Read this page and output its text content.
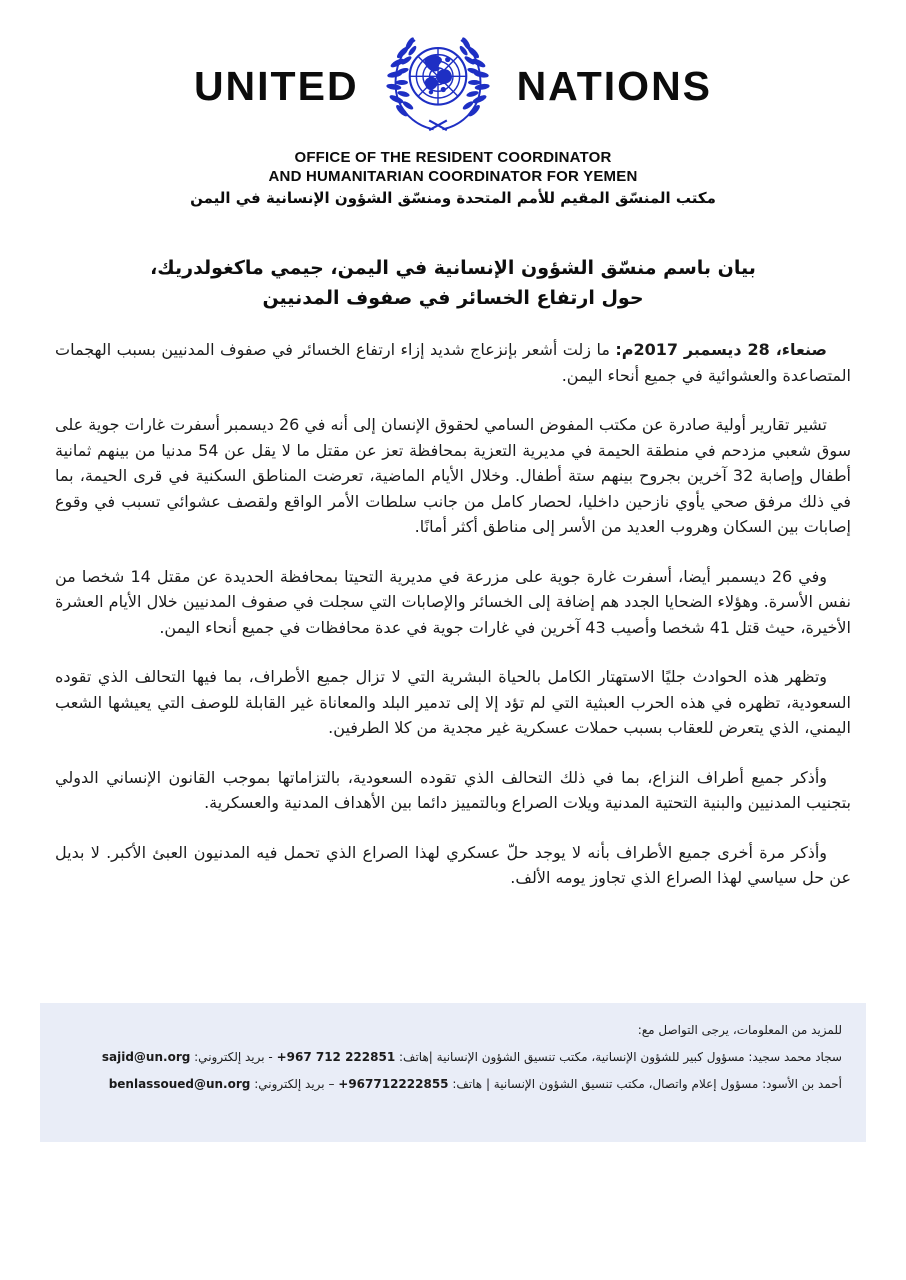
UNITED	NATIONS
OFFICE OF THE RESIDENT COORDINATOR
AND HUMANITARIAN COORDINATOR FOR YEMEN
مكتب المنسّق المقيم للأمم المتحدة ومنسّق الشؤون الإنسانية في اليمن
بيان باسم منسّق الشؤون الإنسانية في اليمن، جيمي ماكغولدريك،
حول ارتفاع الخسائر في صفوف المدنيين

صنعاء، 28 ديسمبر 2017م: ما زلت أشعر بإنزعاج شديد إزاء ارتفاع الخسائر في صفوف المدنيين بسبب الهجمات المتصاعدة والعشوائية في جميع أنحاء اليمن.

تشير تقارير أولية صادرة عن مكتب المفوض السامي لحقوق الإنسان إلى أنه في 26 ديسمبر أسفرت غارات جوية على سوق شعبي مزدحم في منطقة الحيمة في مديرية التعزية بمحافظة تعز عن مقتل ما لا يقل عن 54 مدنيا من بينهم ثمانية أطفال وإصابة 32 آخرين بجروح بينهم ستة أطفال. وخلال الأيام الماضية، تعرضت المناطق السكنية في قرى الحيمة، بما في ذلك مرفق صحي يأوي نازحين داخليا، لحصار كامل من جانب سلطات الأمر الواقع ولقصف عشوائي تسبب في وقوع إصابات بين السكان وهروب العديد من الأسر إلى مناطق أكثر أمانًا.

وفي 26 ديسمبر أيضا، أسفرت غارة جوية على مزرعة في مديرية التحيتا بمحافظة الحديدة عن مقتل 14 شخصا من نفس الأسرة. وهؤلاء الضحايا الجدد هم إضافة إلى الخسائر والإصابات التي سجلت في صفوف المدنيين خلال الأيام العشرة الأخيرة، حيث قتل 41 شخصا وأصيب 43 آخرين في غارات جوية في عدة محافظات في جميع أنحاء اليمن.

وتظهر هذه الحوادث جليًا الاستهتار الكامل بالحياة البشرية التي لا تزال جميع الأطراف، بما فيها التحالف الذي تقوده السعودية، تظهره في هذه الحرب العبثية التي لم تؤد إلا إلى تدمير البلد والمعاناة غير القابلة للوصف التي يعيشها الشعب اليمني، الذي يتعرض للعقاب بسبب حملات عسكرية غير مجدية من كلا الطرفين.

وأذكر جميع أطراف النزاع، بما في ذلك التحالف الذي تقوده السعودية، بالتزاماتها بموجب القانون الإنساني الدولي بتجنيب المدنيين والبنية التحتية المدنية ويلات الصراع وبالتمييز دائما بين الأهداف المدنية والعسكرية.

وأذكر مرة أخرى جميع الأطراف بأنه لا يوجد حلّ عسكري لهذا الصراع الذي تحمل فيه المدنيون العبئ الأكبر. لا بديل عن حل سياسي لهذا الصراع الذي تجاوز يومه الألف.

للمزيد من المعلومات، يرجى التواصل مع:
سجاد محمد سجيد: مسؤول كبير للشؤون الإنسانية، مكتب تنسيق الشؤون الإنسانية |هاتف: +967 712 222851 - بريد إلكتروني: sajid@un.org
أحمد بن الأسود: مسؤول إعلام واتصال، مكتب تنسيق الشؤون الإنسانية | هاتف: +967712222855 – بريد إلكتروني: benlassoued@un.org
